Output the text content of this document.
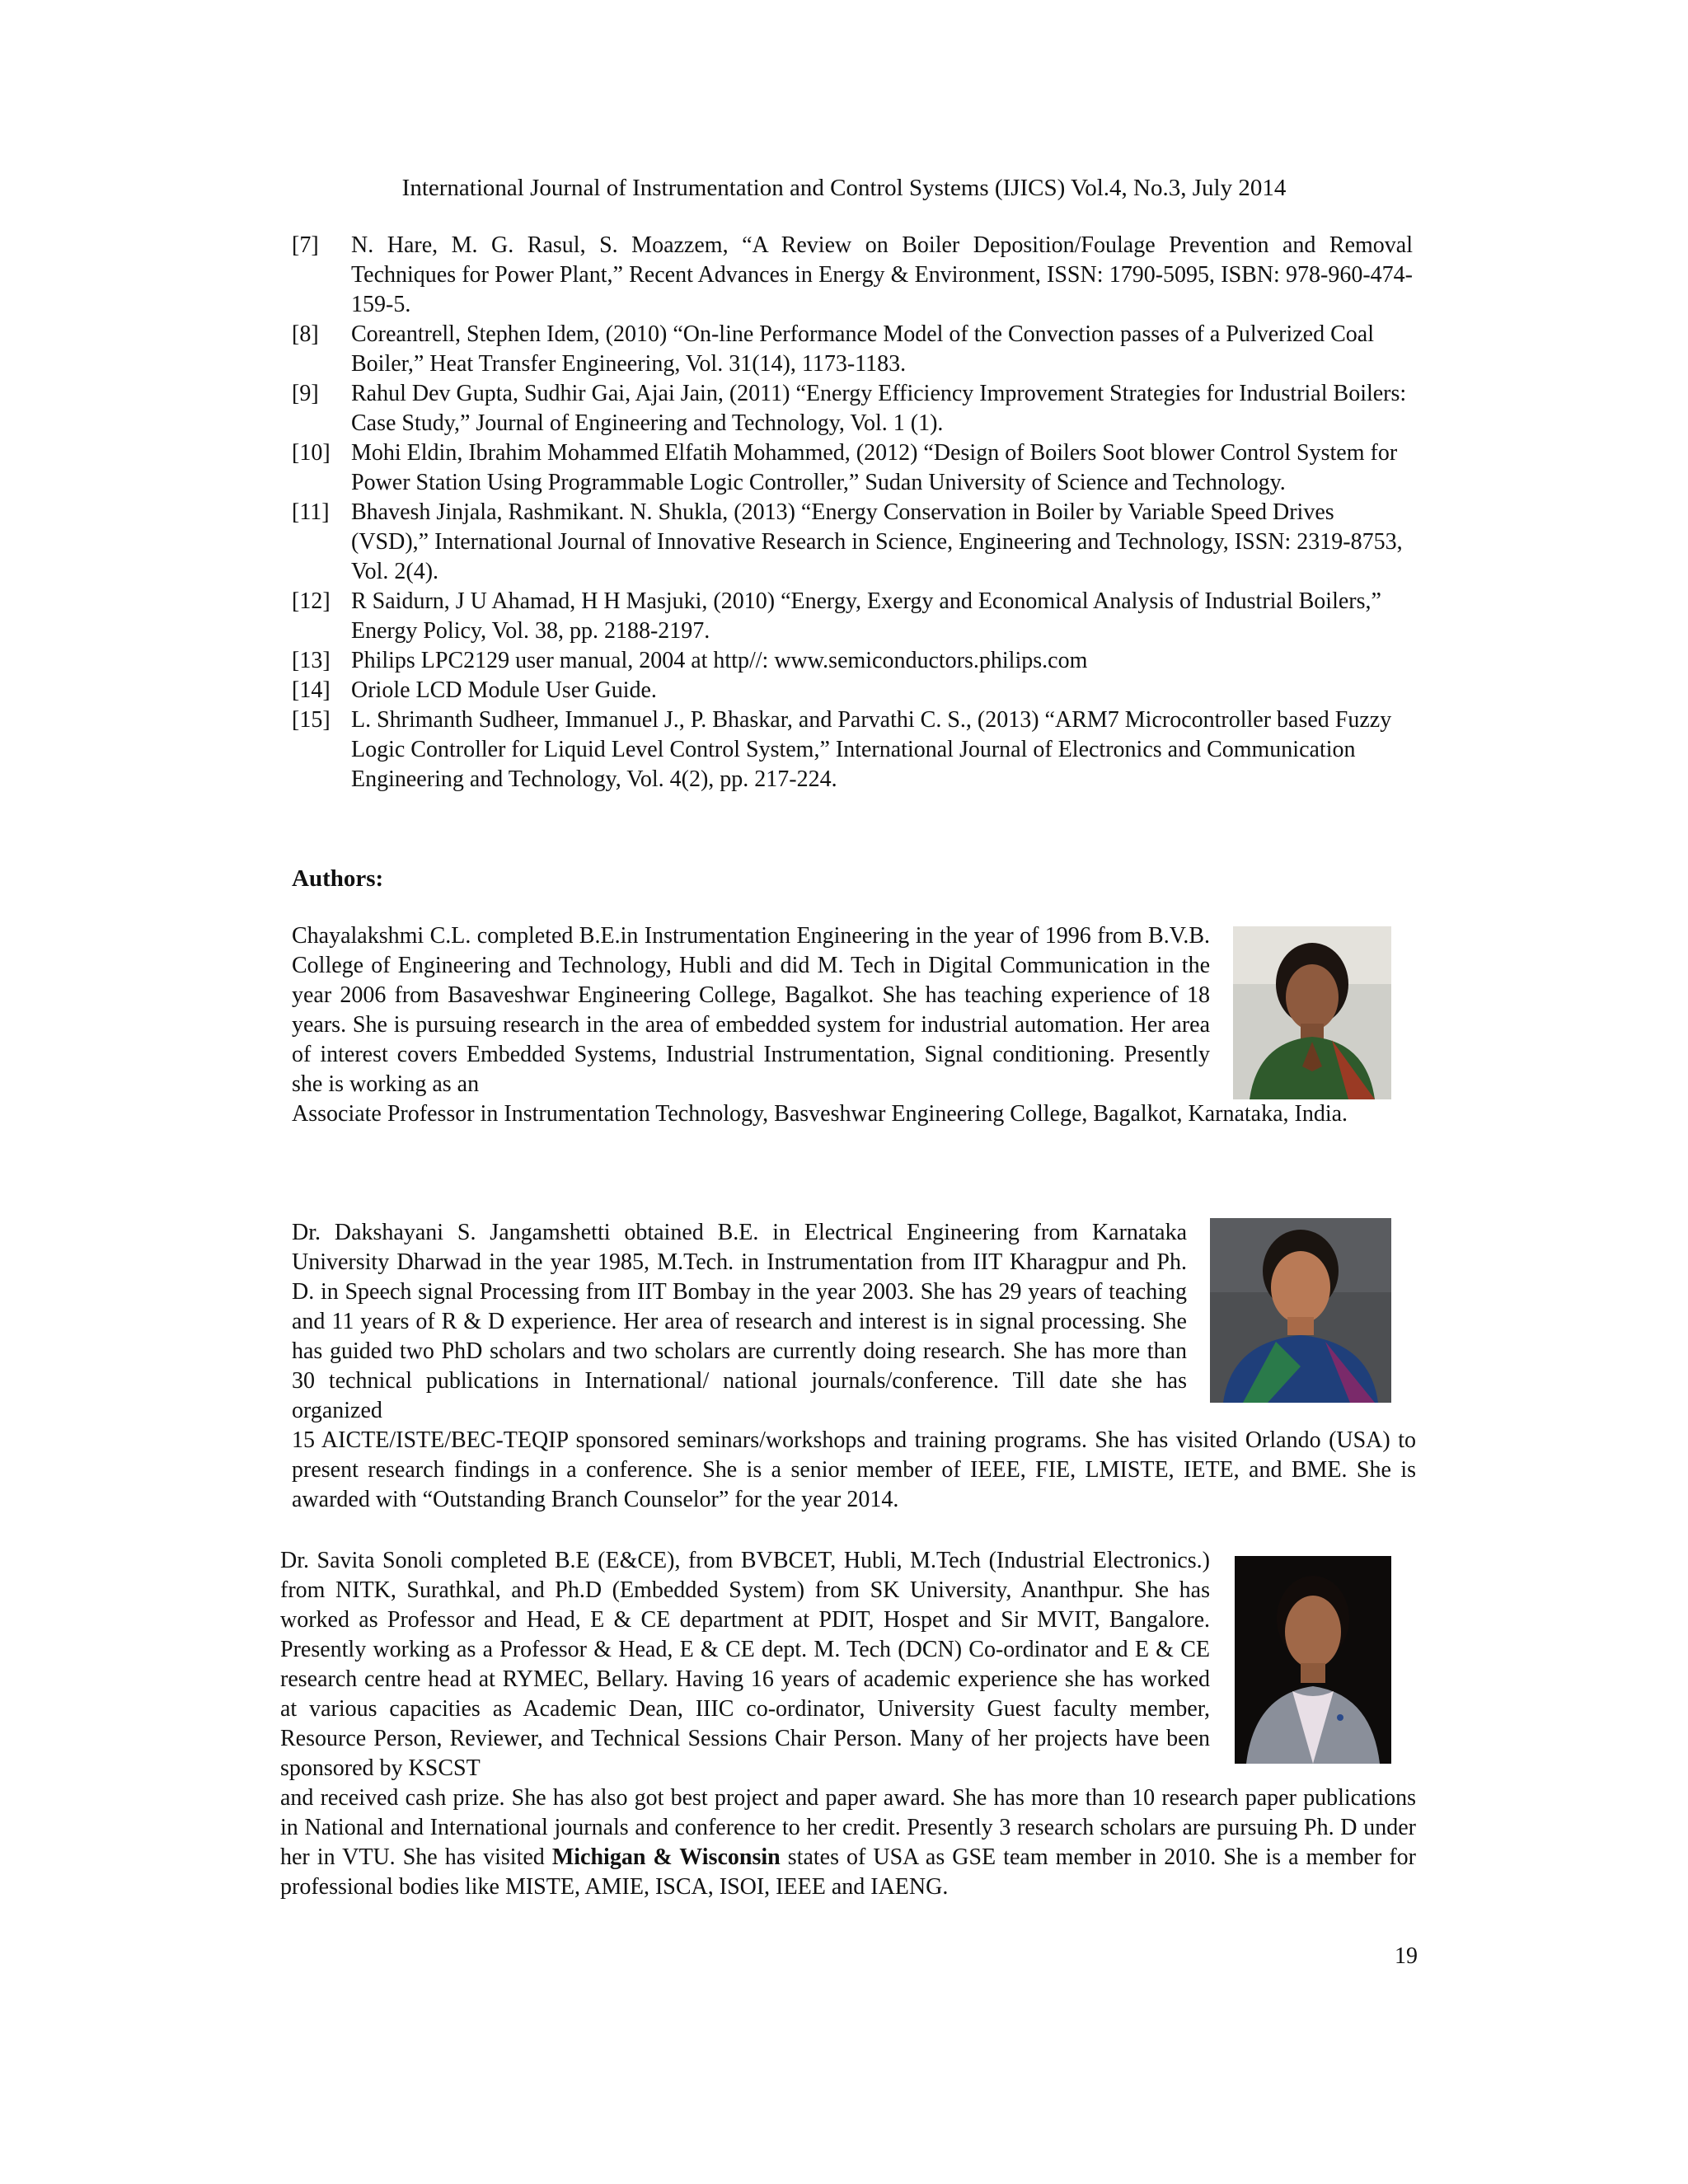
International Journal of Instrumentation and Control Systems (IJICS) Vol.4, No.3, July 2014
[7]	N. Hare, M. G. Rasul, S. Moazzem, “A Review on Boiler Deposition/Foulage Prevention and Removal Techniques for Power Plant,” Recent Advances in Energy & Environment, ISSN: 1790-5095, ISBN: 978-960-474-159-5.
[8]	Coreantrell, Stephen Idem, (2010) “On-line Performance Model of the Convection passes of a Pulverized Coal Boiler,” Heat Transfer Engineering, Vol. 31(14), 1173-1183.
[9]	Rahul Dev Gupta, Sudhir Gai, Ajai Jain, (2011) “Energy Efficiency Improvement Strategies for Industrial Boilers: Case Study,” Journal of Engineering and Technology, Vol. 1 (1).
[10] Mohi Eldin, Ibrahim Mohammed Elfatih Mohammed, (2012) “Design of Boilers Soot blower Control System for Power Station Using Programmable Logic Controller,” Sudan University of Science and Technology.
[11] Bhavesh Jinjala, Rashmikant. N. Shukla, (2013) “Energy Conservation in Boiler by Variable Speed Drives (VSD),” International Journal of Innovative Research in Science, Engineering and Technology, ISSN: 2319-8753, Vol. 2(4).
[12] R Saidurn, J U Ahamad, H H Masjuki, (2010) “Energy, Exergy and Economical Analysis of Industrial Boilers,” Energy Policy, Vol. 38, pp. 2188-2197.
[13] Philips LPC2129 user manual, 2004 at http//: www.semiconductors.philips.com
[14] Oriole LCD Module User Guide.
[15] L. Shrimanth Sudheer, Immanuel J., P. Bhaskar, and Parvathi C. S., (2013) “ARM7 Microcontroller based Fuzzy Logic Controller for Liquid Level Control System,” International Journal of Electronics and Communication Engineering and Technology, Vol. 4(2), pp. 217-224.
Authors:
Chayalakshmi C.L. completed B.E.in Instrumentation Engineering in the year of 1996 from B.V.B. College of Engineering and Technology, Hubli and did M. Tech in Digital Communication in the year 2006 from Basaveshwar Engineering College, Bagalkot. She has teaching experience of 18 years. She is pursuing research in the area of embedded system for industrial automation. Her area of interest covers Embedded Systems, Industrial Instrumentation, Signal conditioning. Presently she is working as an
Associate Professor in Instrumentation Technology, Basveshwar Engineering College, Bagalkot, Karnataka, India.
Dr. Dakshayani S. Jangamshetti obtained B.E. in Electrical Engineering from Karnataka University Dharwad in the year 1985, M.Tech. in Instrumentation from IIT Kharagpur and Ph. D. in Speech signal Processing from IIT Bombay in the year 2003. She has 29 years of teaching and 11 years of R & D experience. Her area of research and interest is in signal processing. She has guided two PhD scholars and two scholars are currently doing research. She has more than 30 technical publications in International/ national journals/conference. Till date she has organized
15 AICTE/ISTE/BEC-TEQIP sponsored seminars/workshops and training programs. She has visited Orlando (USA) to present research findings in a conference. She is a senior member of IEEE, FIE, LMISTE, IETE, and BME. She is awarded with “Outstanding Branch Counselor” for the year 2014.
Dr. Savita Sonoli completed B.E (E&CE), from BVBCET, Hubli, M.Tech (Industrial Electronics.) from NITK, Surathkal, and Ph.D (Embedded System) from SK University, Ananthpur. She has worked as Professor and Head, E & CE department at PDIT, Hospet and Sir MVIT, Bangalore. Presently working as a Professor & Head, E & CE dept. M. Tech (DCN) Co-ordinator and E & CE research centre head at RYMEC, Bellary. Having 16 years of academic experience she has worked at various capacities as Academic Dean, IIIC co-ordinator, University Guest faculty member, Resource Person, Reviewer, and Technical Sessions Chair Person. Many of her projects have been sponsored by KSCST
and received cash prize. She has also got best project and paper award. She has more than 10 research paper publications in National and International journals and conference to her credit. Presently 3 research scholars are pursuing Ph. D under her in VTU. She has visited Michigan & Wisconsin states of USA as GSE team member in 2010. She is a member for professional bodies like MISTE, AMIE, ISCA, ISOI, IEEE and IAENG.
19
